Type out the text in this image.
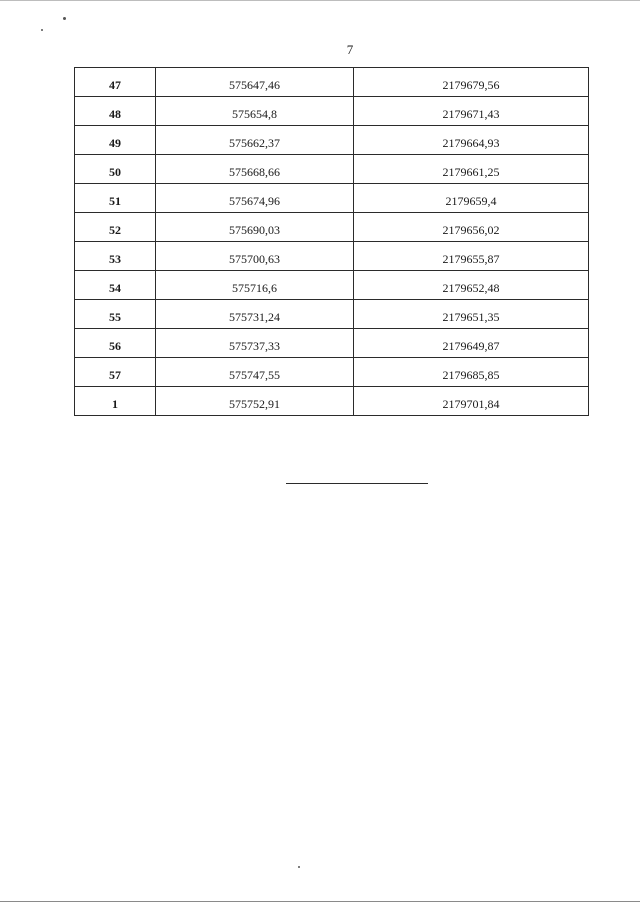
7
47	575647,46	2179679,56
48	575654,8	2179671,43
49	575662,37	2179664,93
50	575668,66	2179661,25
51	575674,96	2179659,4
52	575690,03	2179656,02
53	575700,63	2179655,87
54	575716,6	2179652,48
55	575731,24	2179651,35
56	575737,33	2179649,87
57	575747,55	2179685,85
1	575752,91	2179701,84
